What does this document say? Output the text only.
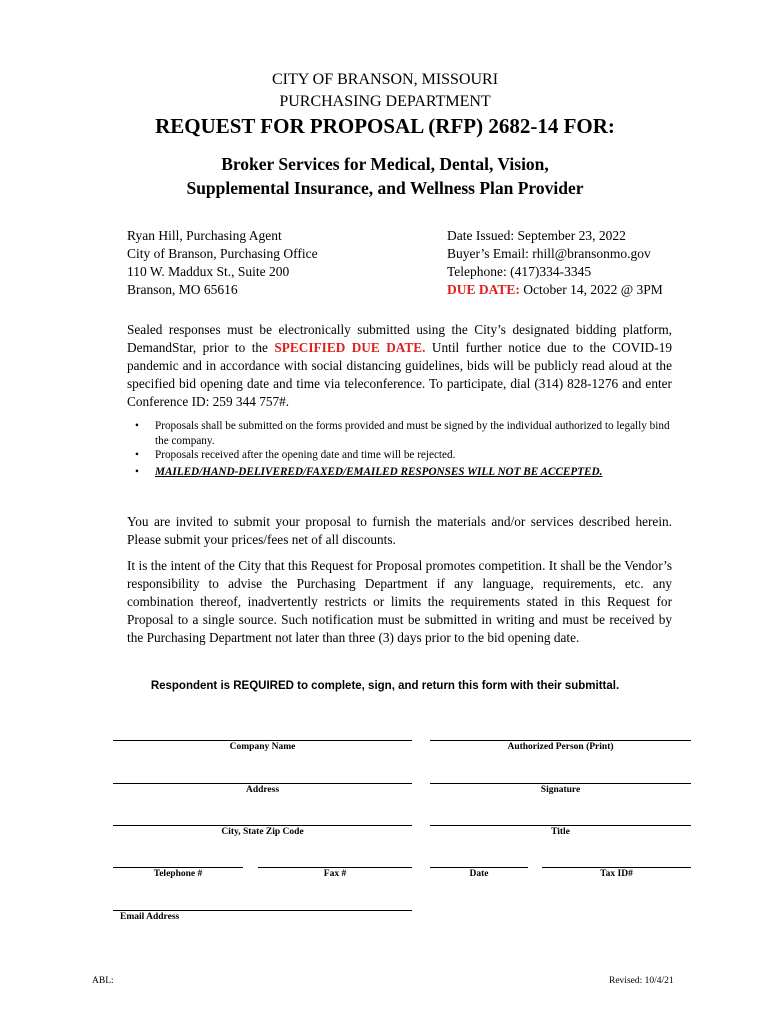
CITY OF BRANSON, MISSOURI
PURCHASING DEPARTMENT
REQUEST FOR PROPOSAL (RFP) 2682-14 FOR:
Broker Services for Medical, Dental, Vision,
Supplemental Insurance, and Wellness Plan Provider
Ryan Hill, Purchasing Agent
City of Branson, Purchasing Office
110 W. Maddux St., Suite 200
Branson, MO 65616
Date Issued: September 23, 2022
Buyer’s Email: rhill@bransonmo.gov
Telephone: (417)334-3345
DUE DATE: October 14, 2022 @ 3PM
Sealed responses must be electronically submitted using the City’s designated bidding platform, DemandStar, prior to the SPECIFIED DUE DATE. Until further notice due to the COVID-19 pandemic and in accordance with social distancing guidelines, bids will be publicly read aloud at the specified bid opening date and time via teleconference. To participate, dial (314) 828-1276 and enter Conference ID: 259 344 757#.
• Proposals shall be submitted on the forms provided and must be signed by the individual authorized to legally bind the company.
• Proposals received after the opening date and time will be rejected.
• MAILED/HAND-DELIVERED/FAXED/EMAILED RESPONSES WILL NOT BE ACCEPTED.
You are invited to submit your proposal to furnish the materials and/or services described herein. Please submit your prices/fees net of all discounts.
It is the intent of the City that this Request for Proposal promotes competition. It shall be the Vendor’s responsibility to advise the Purchasing Department if any language, requirements, etc. any combination thereof, inadvertently restricts or limits the requirements stated in this Request for Proposal to a single source. Such notification must be submitted in writing and must be received by the Purchasing Department not later than three (3) days prior to the bid opening date.
Respondent is REQUIRED to complete, sign, and return this form with their submittal.
Company Name	Authorized Person (Print)
Address	Signature
City, State Zip Code	Title
Telephone #	Fax #	Date	Tax ID#
Email Address
ABL:	Revised: 10/4/21
